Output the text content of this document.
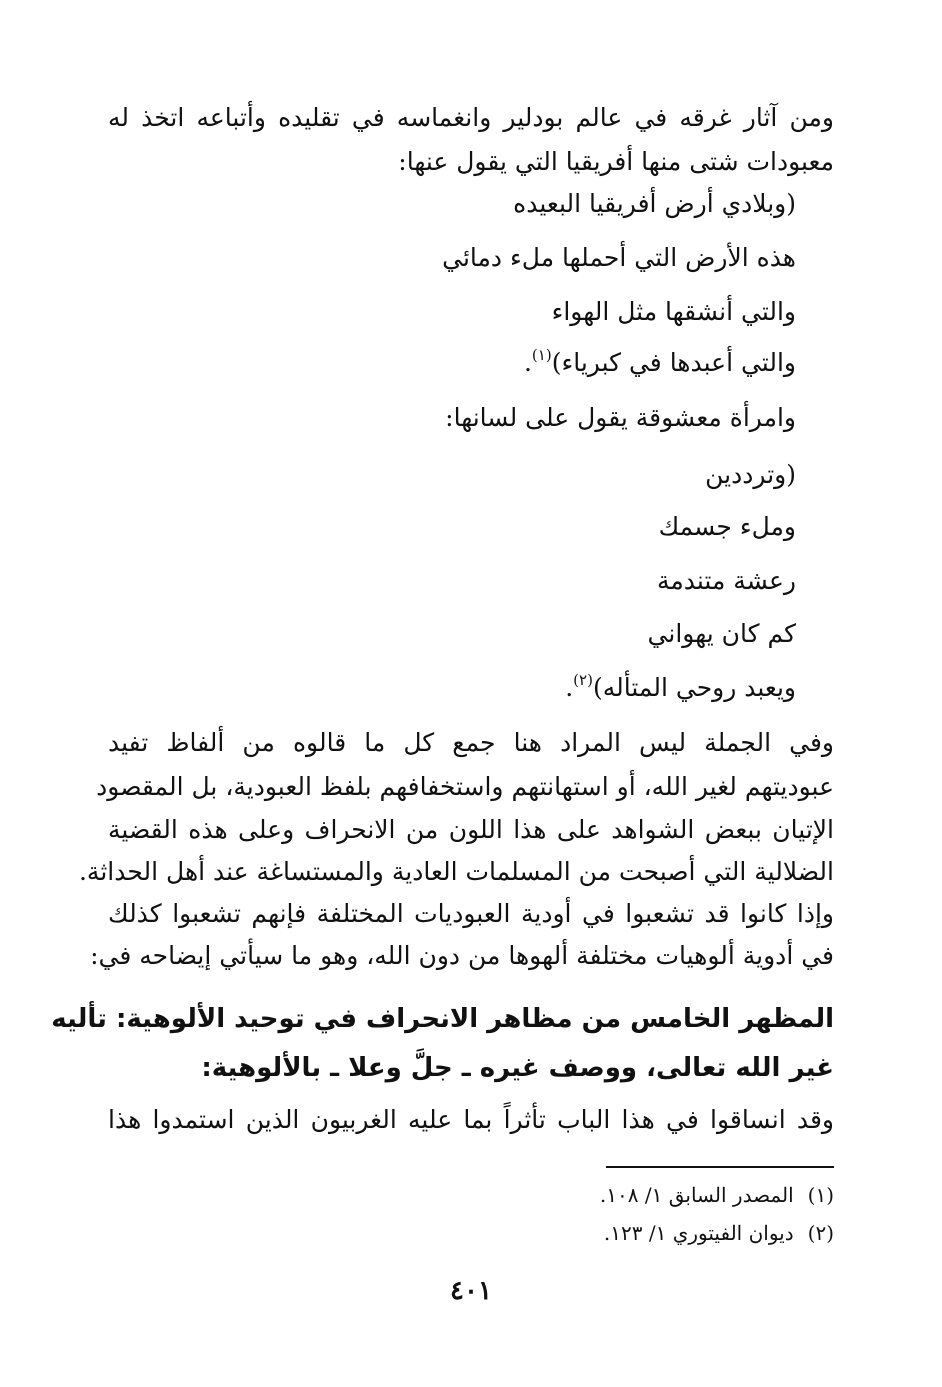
ومن آثار غرقه في عالم بودلير وانغماسه في تقليده وأتباعه اتخذ له
معبودات شتى منها أفريقيا التي يقول عنها:
(وبلادي أرض أفريقيا البعيده
هذه الأرض التي أحملها ملء دمائي
والتي أنشقها مثل الهواء
والتي أعبدها في كبرياء)$^{(١)}$.
وامرأة معشوقة يقول على لسانها:
(وترددين
وملء جسمك
رعشة متندمة
كم كان يهواني
ويعبد روحي المتأله)$^{(٢)}$.
وفي الجملة ليس المراد هنا جمع كل ما قالوه من ألفاظ تفيد
عبوديتهم لغير الله، أو استهانتهم واستخفافهم بلفظ العبودية، بل المقصود
الإتيان ببعض الشواهد على هذا اللون من الانحراف وعلى هذه القضية
الضلالية التي أصبحت من المسلمات العادية والمستساغة عند أهل الحداثة.
وإذا كانوا قد تشعبوا في أودية العبوديات المختلفة فإنهم تشعبوا كذلك
في أدوية ألوهيات مختلفة ألهوها من دون الله، وهو ما سيأتي إيضاحه في:
المظهر الخامس من مظاهر الانحراف في توحيد الألوهية: تأليه
غير الله تعالى، ووصف غيره ـ جلَّ وعلا ـ بالألوهية:
وقد انساقوا في هذا الباب تأثراً بما عليه الغربيون الذين استمدوا هذا
(١)المصدر السابق ١/ ١٠٨.
(٢)ديوان الفيتوري ١/ ١٢٣.
٤٠١
